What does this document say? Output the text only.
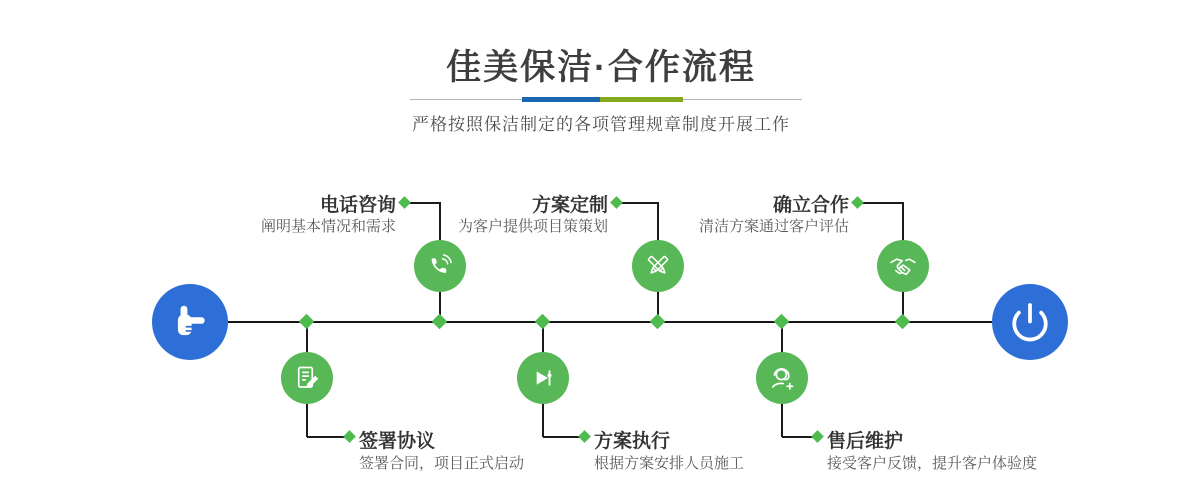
佳美保洁·合作流程
严格按照保洁制定的各项管理规章制度开展工作
电话咨询
阐明基本情况和需求
方案定制
为客户提供项目策策划
确立合作
清洁方案通过客户评估
签署协议
签署合同，项目正式启动
方案执行
根据方案安排人员施工
售后维护
接受客户反馈，提升客户体验度
